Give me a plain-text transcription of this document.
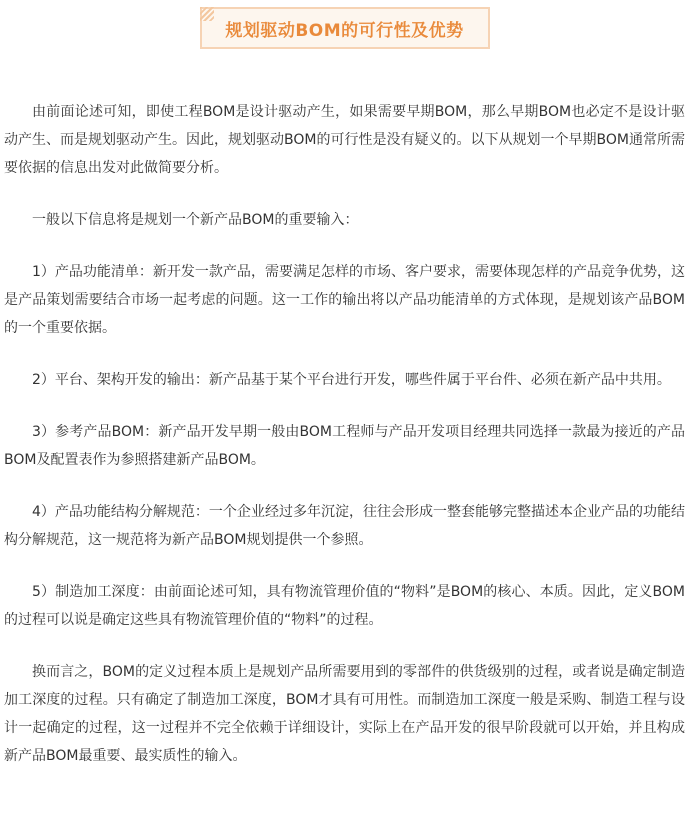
规划驱动BOM的可行性及优势

由前面论述可知，即使工程BOM是设计驱动产生，如果需要早期BOM，那么早期BOM也必定不是设计驱动产生、而是规划驱动产生。因此，规划驱动BOM的可行性是没有疑义的。以下从规划一个早期BOM通常所需要依据的信息出发对此做简要分析。

一般以下信息将是规划一个新产品BOM的重要输入：

1）产品功能清单：新开发一款产品，需要满足怎样的市场、客户要求，需要体现怎样的产品竞争优势，这是产品策划需要结合市场一起考虑的问题。这一工作的输出将以产品功能清单的方式体现，是规划该产品BOM的一个重要依据。

2）平台、架构开发的输出：新产品基于某个平台进行开发，哪些件属于平台件、必须在新产品中共用。

3）参考产品BOM：新产品开发早期一般由BOM工程师与产品开发项目经理共同选择一款最为接近的产品BOM及配置表作为参照搭建新产品BOM。

4）产品功能结构分解规范：一个企业经过多年沉淀，往往会形成一整套能够完整描述本企业产品的功能结构分解规范，这一规范将为新产品BOM规划提供一个参照。

5）制造加工深度：由前面论述可知，具有物流管理价值的“物料”是BOM的核心、本质。因此，定义BOM的过程可以说是确定这些具有物流管理价值的“物料”的过程。

换而言之，BOM的定义过程本质上是规划产品所需要用到的零部件的供货级别的过程，或者说是确定制造加工深度的过程。只有确定了制造加工深度，BOM才具有可用性。而制造加工深度一般是采购、制造工程与设计一起确定的过程，这一过程并不完全依赖于详细设计，实际上在产品开发的很早阶段就可以开始，并且构成新产品BOM最重要、最实质性的输入。
